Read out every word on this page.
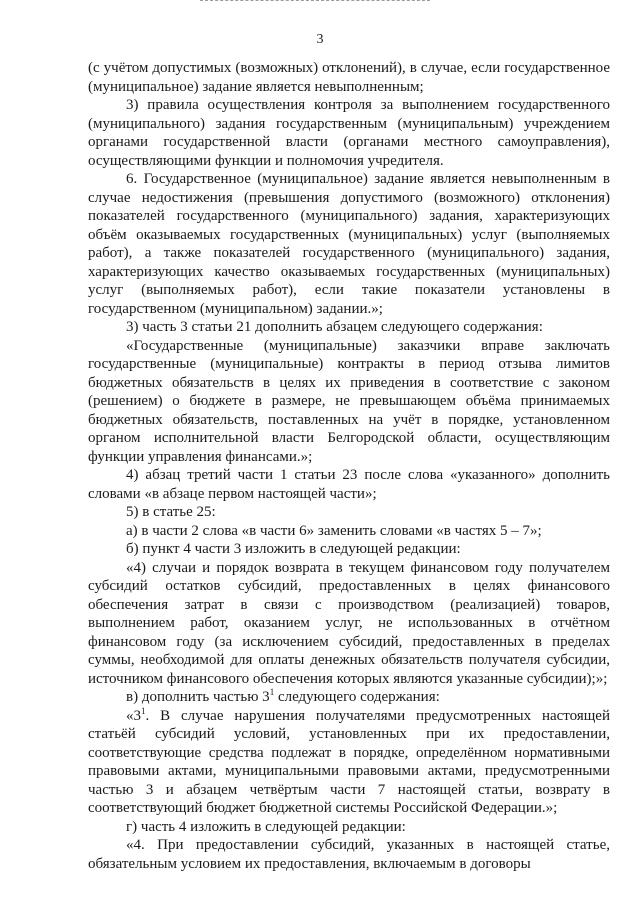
3

(с учётом допустимых (возможных) отклонений), в случае, если государственное (муниципальное) задание является невыполненным;

3) правила осуществления контроля за выполнением государственного (муниципального) задания государственным (муниципальным) учреждением органами государственной власти (органами местного самоуправления), осуществляющими функции и полномочия учредителя.

6. Государственное (муниципальное) задание является невыполненным в случае недостижения (превышения допустимого (возможного) отклонения) показателей государственного (муниципального) задания, характеризующих объём оказываемых государственных (муниципальных) услуг (выполняемых работ), а также показателей государственного (муниципального) задания, характеризующих качество оказываемых государственных (муниципальных) услуг (выполняемых работ), если такие показатели установлены в государственном (муниципальном) задании.»;

3) часть 3 статьи 21 дополнить абзацем следующего содержания:

«Государственные (муниципальные) заказчики вправе заключать государственные (муниципальные) контракты в период отзыва лимитов бюджетных обязательств в целях их приведения в соответствие с законом (решением) о бюджете в размере, не превышающем объёма принимаемых бюджетных обязательств, поставленных на учёт в порядке, установленном органом исполнительной власти Белгородской области, осуществляющим функции управления финансами.»;

4) абзац третий части 1 статьи 23 после слова «указанного» дополнить словами «в абзаце первом настоящей части»;

5) в статье 25:

а) в части 2 слова «в части 6» заменить словами «в частях 5 – 7»;

б) пункт 4 части 3 изложить в следующей редакции:

«4) случаи и порядок возврата в текущем финансовом году получателем субсидий остатков субсидий, предоставленных в целях финансового обеспечения затрат в связи с производством (реализацией) товаров, выполнением работ, оказанием услуг, не использованных в отчётном финансовом году (за исключением субсидий, предоставленных в пределах суммы, необходимой для оплаты денежных обязательств получателя субсидии, источником финансового обеспечения которых являются указанные субсидии);»;

в) дополнить частью $3^1$ следующего содержания:

«$3^1$. В случае нарушения получателями предусмотренных настоящей статьёй субсидий условий, установленных при их предоставлении, соответствующие средства подлежат в порядке, определённом нормативными правовыми актами, муниципальными правовыми актами, предусмотренными частью 3 и абзацем четвёртым части 7 настоящей статьи, возврату в соответствующий бюджет бюджетной системы Российской Федерации.»;

г) часть 4 изложить в следующей редакции:

«4. При предоставлении субсидий, указанных в настоящей статье, обязательным условием их предоставления, включаемым в договоры
